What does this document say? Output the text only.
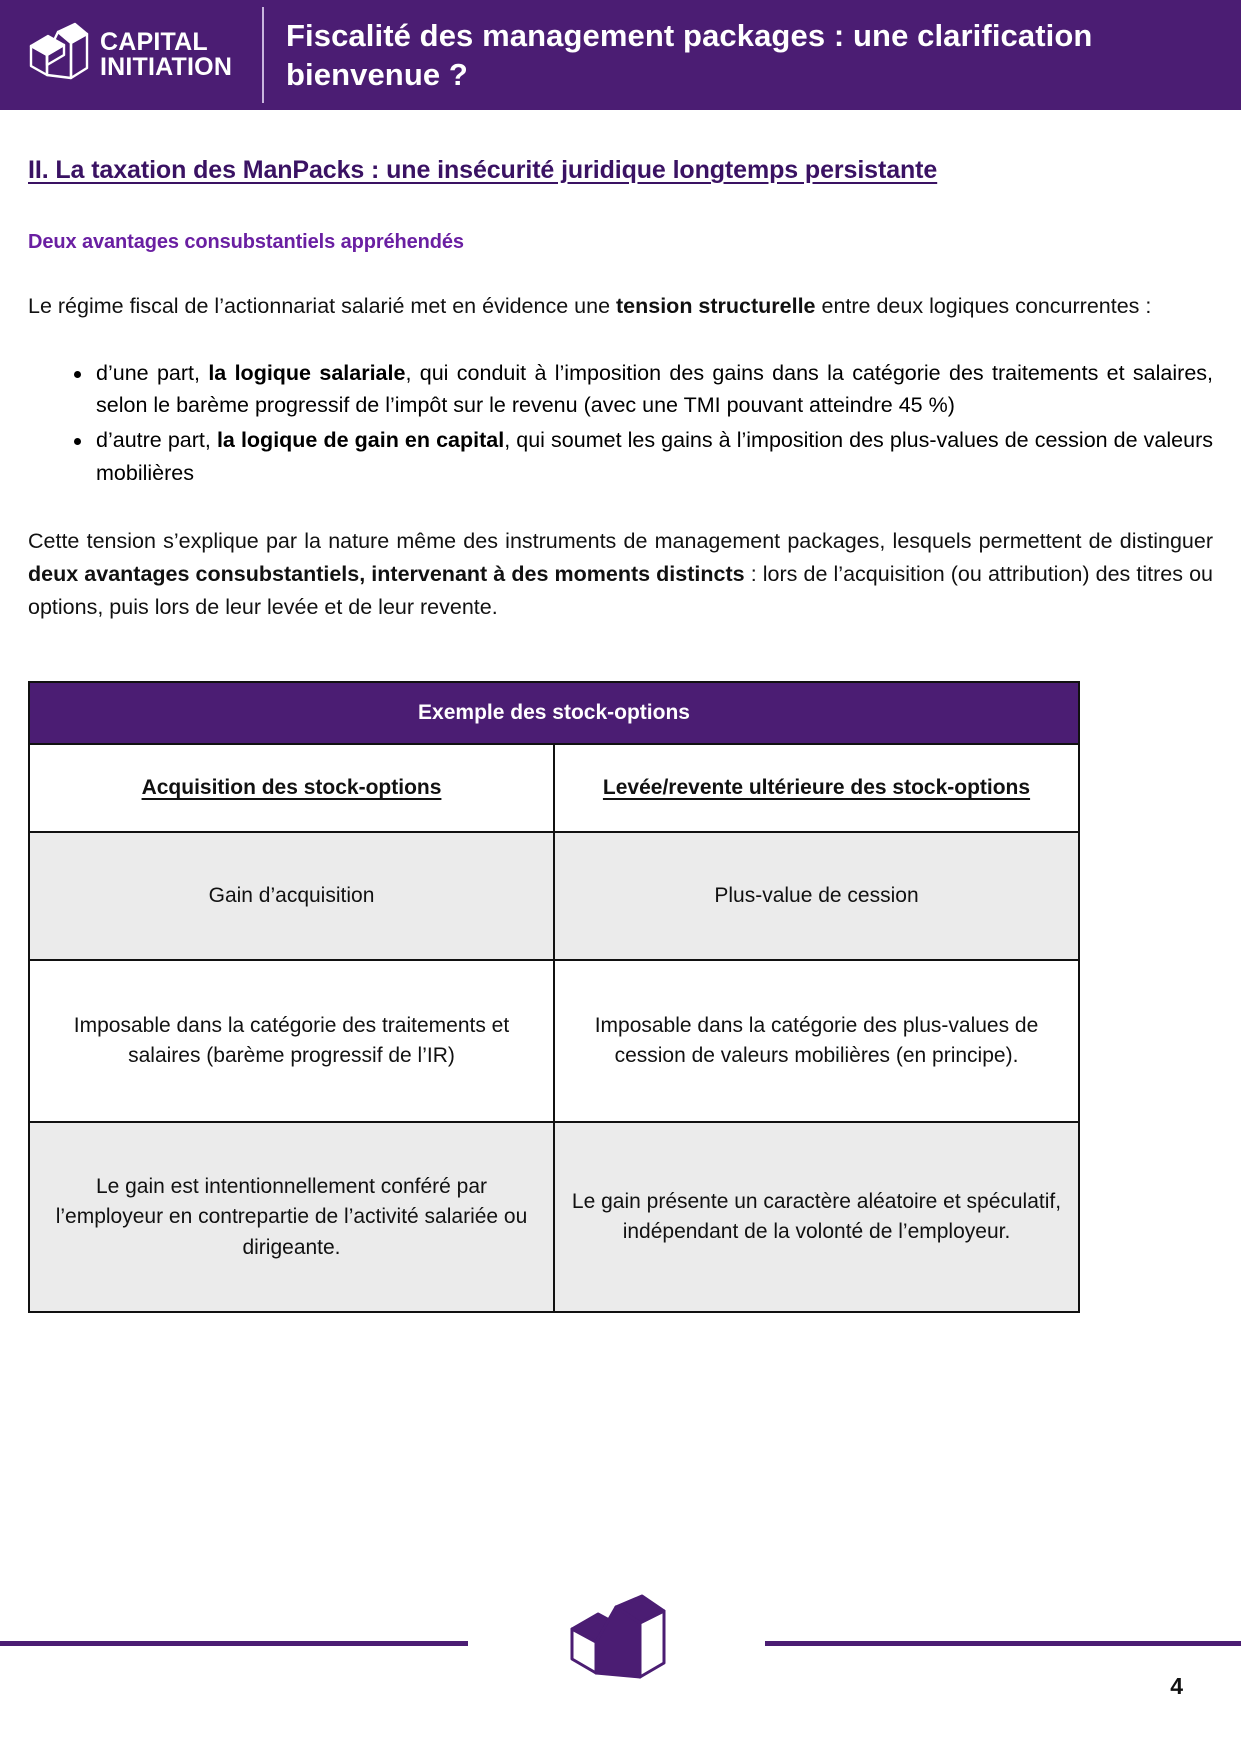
CAPITAL
INITIATION
Fiscalité des management packages : une clarification bienvenue ?
II. La taxation des ManPacks : une insécurité juridique longtemps persistante
Deux avantages consubstantiels appréhendés

Le régime fiscal de l’actionnariat salarié met en évidence une tension structurelle entre deux logiques concurrentes :

d’une part, la logique salariale, qui conduit à l’imposition des gains dans la catégorie des traitements et salaires, selon le barème progressif de l’impôt sur le revenu (avec une TMI pouvant atteindre 45 %)
d’autre part, la logique de gain en capital, qui soumet les gains à l’imposition des plus-values de cession de valeurs mobilières

Cette tension s’explique par la nature même des instruments de management packages, lesquels permettent de distinguer deux avantages consubstantiels, intervenant à des moments distincts : lors de l’acquisition (ou attribution) des titres ou options, puis lors de leur levée et de leur revente.

Exemple des stock-options	
Acquisition des stock-options	Levée/revente ultérieure des stock-options
Gain d’acquisition	Plus-value de cession
Imposable dans la catégorie des traitements et salaires (barème progressif de l’IR)	Imposable dans la catégorie des plus-values de cession de valeurs mobilières (en principe).
Le gain est intentionnellement conféré par l’employeur en contrepartie de l’activité salariée ou dirigeante.	Le gain présente un caractère aléatoire et spéculatif, indépendant de la volonté de l’employeur.
4
